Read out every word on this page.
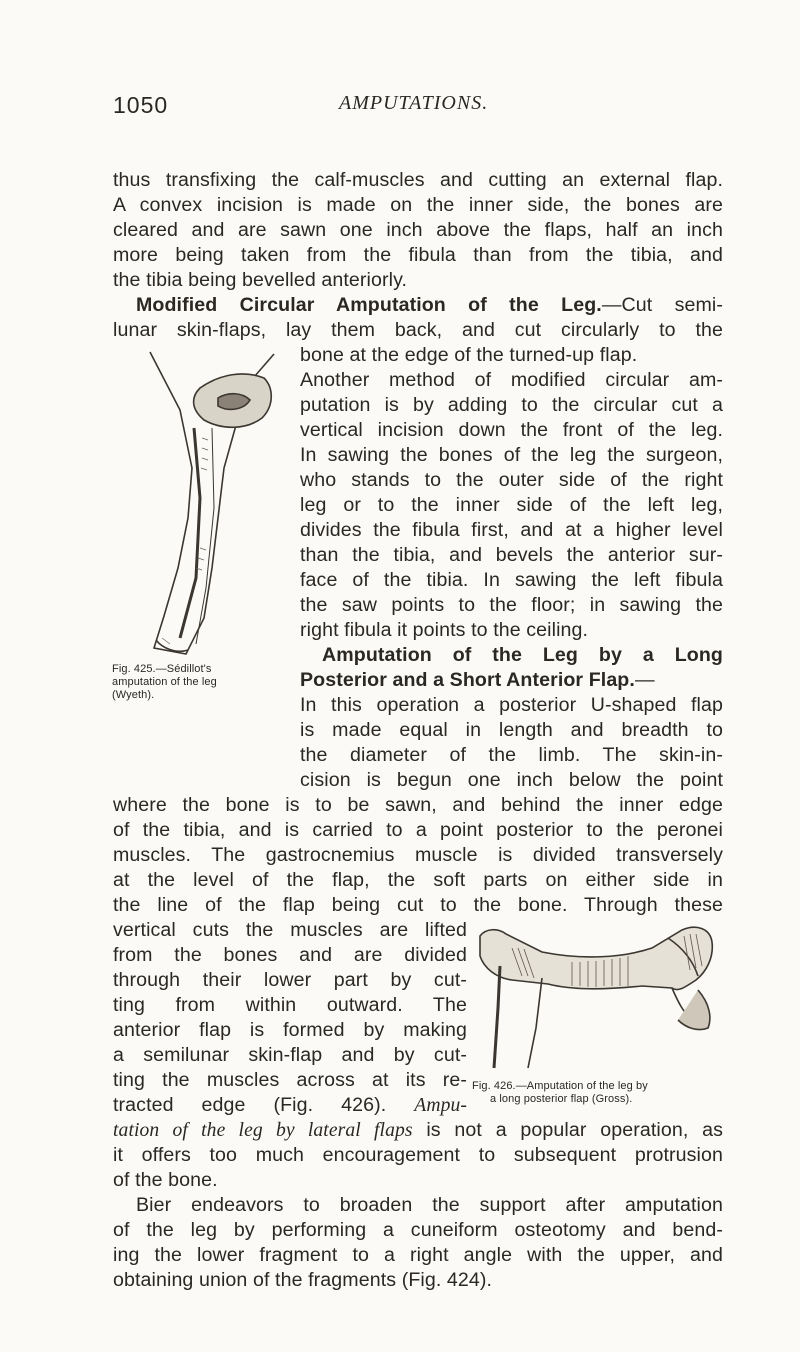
1050	AMPUTATIONS.
thus transfixing the calf-muscles and cutting an external flap.
A convex incision is made on the inner side, the bones are
cleared and are sawn one inch above the flaps, half an inch
more being taken from the fibula than from the tibia, and
the tibia being bevelled anteriorly.
Modified Circular Amputation of the Leg.—Cut semi-
lunar skin-flaps, lay them back, and cut circularly to the
bone at the edge of the turned-up flap.
Another method of modified circular am-
putation is by adding to the circular cut a
vertical incision down the front of the leg.
In sawing the bones of the leg the surgeon,
who stands to the outer side of the right
leg or to the inner side of the left leg,
divides the fibula first, and at a higher level
than the tibia, and bevels the anterior sur-
face of the tibia. In sawing the left fibula
the saw points to the floor; in sawing the
right fibula it points to the ceiling.
Amputation of the Leg by a Long
Posterior and a Short Anterior Flap.—
In this operation a posterior U-shaped flap
is made equal in length and breadth to
the diameter of the limb. The skin-in-
cision is begun one inch below the point
where the bone is to be sawn, and behind the inner edge
of the tibia, and is carried to a point posterior to the peronei
muscles. The gastrocnemius muscle is divided transversely
at the level of the flap, the soft parts on either side in
the line of the flap being cut to the bone. Through these
vertical cuts the muscles are lifted
from the bones and are divided
through their lower part by cut-
ting from within outward. The
anterior flap is formed by making
a semilunar skin-flap and by cut-
ting the muscles across at its re-
tracted edge (Fig. 426). Ampu-
tation of the leg by lateral flaps is not a popular operation, as
it offers too much encouragement to subsequent protrusion
of the bone.
Bier endeavors to broaden the support after amputation
of the leg by performing a cuneiform osteotomy and bend-
ing the lower fragment to a right angle with the upper, and
obtaining union of the fragments (Fig. 424).
Fig. 425.—Sédillot's
amputation of the leg
(Wyeth).
Fig. 426.—Amputation of the leg by
a long posterior flap (Gross).
